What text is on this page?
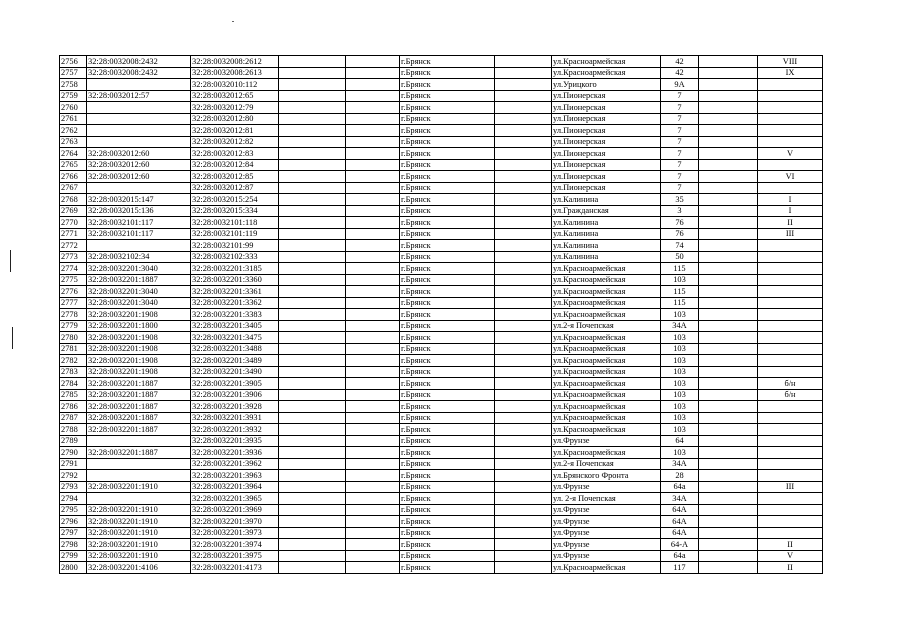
2756	32:28:0032008:2432	32:28:0032008:2612			г.Брянск		ул.Красноармейская	42		VIII
2757	32:28:0032008:2432	32:28:0032008:2613			г.Брянск		ул.Красноармейская	42		IX
2758		32:28:0032010:112			г.Брянск		ул.Урицкого	9А		
2759	32:28:0032012:57	32:28:0032012:65			г.Брянск		ул.Пионерская	7		
2760		32:28:0032012:79			г.Брянск		ул.Пионерская	7		
2761		32:28:0032012:80			г.Брянск		ул.Пионерская	7		
2762		32:28:0032012:81			г.Брянск		ул.Пионерская	7		
2763		32:28:0032012:82			г.Брянск		ул.Пионерская	7		
2764	32:28:0032012:60	32:28:0032012:83			г.Брянск		ул.Пионерская	7		V
2765	32:28:0032012:60	32:28:0032012:84			г.Брянск		ул.Пионерская	7		
2766	32:28:0032012:60	32:28:0032012:85			г.Брянск		ул.Пионерская	7		VI
2767		32:28:0032012:87			г.Брянск		ул.Пионерская	7		
2768	32:28:0032015:147	32:28:0032015:254			г.Брянск		ул.Калинина	35		I
2769	32:28:0032015:136	32:28:0032015:334			г.Брянск		ул.Гражданская	3		I
2770	32:28:0032101:117	32:28:0032101:118			г.Брянск		ул.Калинина	76		II
2771	32:28:0032101:117	32:28:0032101:119			г.Брянск		ул.Калинина	76		III
2772		32:28:0032101:99			г.Брянск		ул.Калинина	74		
2773	32:28:0032102:34	32:28:0032102:333			г.Брянск		ул.Калинина	50		
2774	32:28:0032201:3040	32:28:0032201:3185			г.Брянск		ул.Красноармейская	115		
2775	32:28:0032201:1887	32:28:0032201:3360			г.Брянск		ул.Красноармейская	103		
2776	32:28:0032201:3040	32:28:0032201:3361			г.Брянск		ул.Красноармейская	115		
2777	32:28:0032201:3040	32:28:0032201:3362			г.Брянск		ул.Красноармейская	115		
2778	32:28:0032201:1908	32:28:0032201:3383			г.Брянск		ул.Красноармейская	103		
2779	32:28:0032201:1800	32:28:0032201:3405			г.Брянск		ул.2-я Почепская	34А		
2780	32:28:0032201:1908	32:28:0032201:3475			г.Брянск		ул.Красноармейская	103		
2781	32:28:0032201:1908	32:28:0032201:3488			г.Брянск		ул.Красноармейская	103		
2782	32:28:0032201:1908	32:28:0032201:3489			г.Брянск		ул.Красноармейская	103		
2783	32:28:0032201:1908	32:28:0032201:3490			г.Брянск		ул.Красноармейская	103		
2784	32:28:0032201:1887	32:28:0032201:3905			г.Брянск		ул.Красноармейская	103		б/н
2785	32:28:0032201:1887	32:28:0032201:3906			г.Брянск		ул.Красноармейская	103		б/н
2786	32:28:0032201:1887	32:28:0032201:3928			г.Брянск		ул.Красноармейская	103		
2787	32:28:0032201:1887	32:28:0032201:3931			г.Брянск		ул.Красноармейская	103		
2788	32:28:0032201:1887	32:28:0032201:3932			г.Брянск		ул.Красноармейская	103		
2789		32:28:0032201:3935			г.Брянск		ул.Фрунзе	64		
2790	32:28:0032201:1887	32:28:0032201:3936			г.Брянск		ул.Красноармейская	103		
2791		32:28:0032201:3962			г.Брянск		ул.2-я Почепская	34А		
2792		32:28:0032201:3963			г.Брянск		ул.Брянского Фронта	28		
2793	32:28:0032201:1910	32:28:0032201:3964			г.Брянск		ул.Фрунзе	64а		III
2794		32:28:0032201:3965			г.Брянск		ул. 2-я Почепская	34А		
2795	32:28:0032201:1910	32:28:0032201:3969			г.Брянск		ул.Фрунзе	64А		
2796	32:28:0032201:1910	32:28:0032201:3970			г.Брянск		ул.Фрунзе	64А		
2797	32:28:0032201:1910	32:28:0032201:3973			г.Брянск		ул.Фрунзе	64А		
2798	32:28:0032201:1910	32:28:0032201:3974			г.Брянск		ул.Фрунзе	64-А		II
2799	32:28:0032201:1910	32:28:0032201:3975			г.Брянск		ул.Фрунзе	64а		V
2800	32:28:0032201:4106	32:28:0032201:4173			г.Брянск		ул.Красноармейская	117		II
